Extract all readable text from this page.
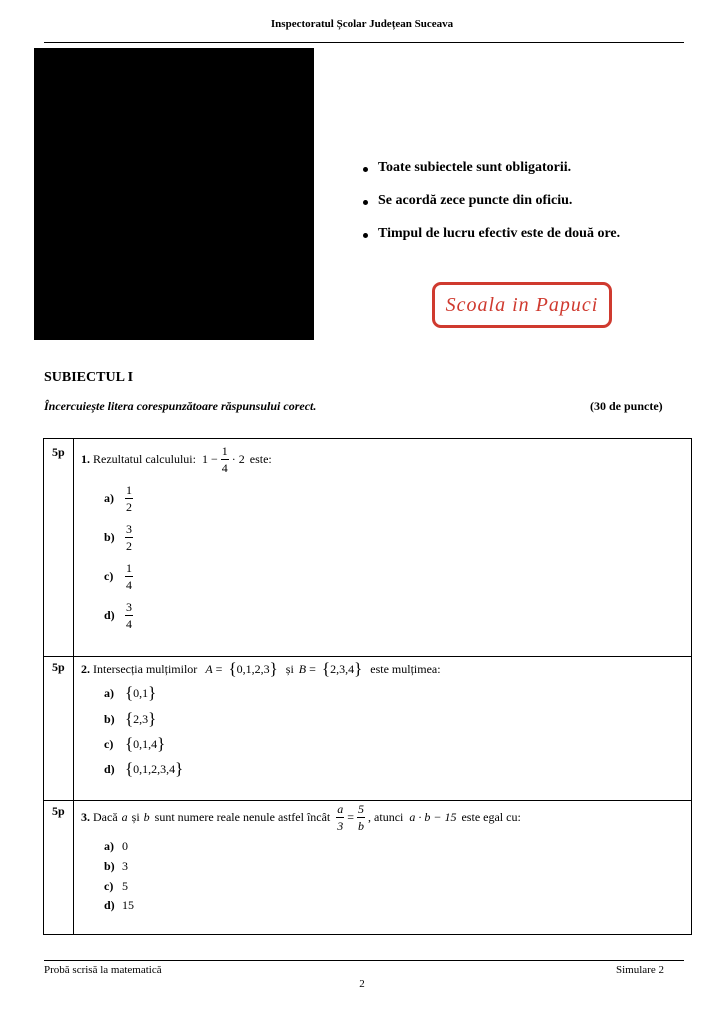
Inspectoratul Școlar Județean Suceava
Toate subiectele sunt obligatorii.
Se acordă zece puncte din oficiu.
Timpul de lucru efectiv este de două ore.
Scoala in Papuci
SUBIECTUL I
Încercuiește litera corespunzătoare răspunsului corect.	(30 de puncte)
5p 1. Rezultatul calculului: $1 - \frac{1}{4} \cdot 2$ este:
$a) \frac{1}{2}$
$b) \frac{3}{2}$
$c) \frac{1}{4}$
$d) \frac{3}{4}$
5p 2. Intersecția mulțimilor A = {0,1,2,3} și B = {2,3,4} este mulțimea:
a) {0,1}
b) {2,3}
c) {0,1,4}
d) {0,1,2,3,4}
5p 3. Dacă a și b sunt numere reale nenule astfel încât $\frac{a}{3} = \frac{5}{b}$ , atunci a · b − 15 este egal cu:
a) 0
b) 3
c) 5
d) 15
Probă scrisă la matematică	Simulare 2
2
